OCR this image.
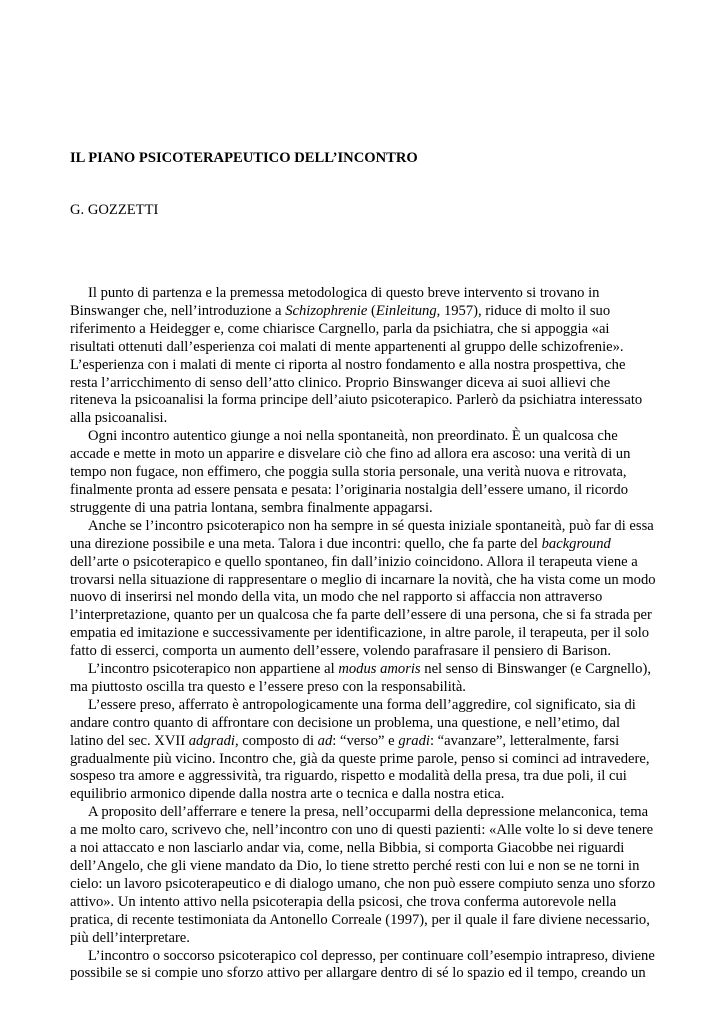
IL PIANO PSICOTERAPEUTICO DELL’INCONTRO

G. GOZZETTI

Il punto di partenza e la premessa metodologica di questo breve intervento si trovano in
Binswanger che, nell’introduzione a Schizophrenie (Einleitung, 1957), riduce di molto il suo
riferimento a Heidegger e, come chiarisce Cargnello, parla da psichiatra, che si appoggia «ai
risultati ottenuti dall’esperienza coi malati di mente appartenenti al gruppo delle schizofrenie».
L’esperienza con i malati di mente ci riporta al nostro fondamento e alla nostra prospettiva, che
resta l’arricchimento di senso dell’atto clinico. Proprio Binswanger diceva ai suoi allievi che
riteneva la psicoanalisi la forma principe dell’aiuto psicoterapico. Parlerò da psichiatra interessato
alla psicoanalisi.
Ogni incontro autentico giunge a noi nella spontaneità, non preordinato. È un qualcosa che
accade e mette in moto un apparire e disvelare ciò che fino ad allora era ascoso: una verità di un
tempo non fugace, non effimero, che poggia sulla storia personale, una verità nuova e ritrovata,
finalmente pronta ad essere pensata e pesata: l’originaria nostalgia dell’essere umano, il ricordo
struggente di una patria lontana, sembra finalmente appagarsi.
Anche se l’incontro psicoterapico non ha sempre in sé questa iniziale spontaneità, può far di essa
una direzione possibile e una meta. Talora i due incontri: quello, che fa parte del background
dell’arte o psicoterapico e quello spontaneo, fin dall’inizio coincidono. Allora il terapeuta viene a
trovarsi nella situazione di rappresentare o meglio di incarnare la novità, che ha vista come un modo
nuovo di inserirsi nel mondo della vita, un modo che nel rapporto si affaccia non attraverso
l’interpretazione, quanto per un qualcosa che fa parte dell’essere di una persona, che si fa strada per
empatia ed imitazione e successivamente per identificazione, in altre parole, il terapeuta, per il solo
fatto di esserci, comporta un aumento dell’essere, volendo parafrasare il pensiero di Barison.
L’incontro psicoterapico non appartiene al modus amoris nel senso di Binswanger (e Cargnello),
ma piuttosto oscilla tra questo e l’essere preso con la responsabilità.
L’essere preso, afferrato è antropologicamente una forma dell’aggredire, col significato, sia di
andare contro quanto di affrontare con decisione un problema, una questione, e nell’etimo, dal
latino del sec. XVII adgradi, composto di ad: “verso” e gradi: “avanzare”, letteralmente, farsi
gradualmente più vicino. Incontro che, già da queste prime parole, penso si cominci ad intravedere,
sospeso tra amore e aggressività, tra riguardo, rispetto e modalità della presa, tra due poli, il cui
equilibrio armonico dipende dalla nostra arte o tecnica e dalla nostra etica.
A proposito dell’afferrare e tenere la presa, nell’occuparmi della depressione melanconica, tema
a me molto caro, scrivevo che, nell’incontro con uno di questi pazienti: «Alle volte lo si deve tenere
a noi attaccato e non lasciarlo andar via, come, nella Bibbia, si comporta Giacobbe nei riguardi
dell’Angelo, che gli viene mandato da Dio, lo tiene stretto perché resti con lui e non se ne torni in
cielo: un lavoro psicoterapeutico e di dialogo umano, che non può essere compiuto senza uno sforzo
attivo». Un intento attivo nella psicoterapia della psicosi, che trova conferma autorevole nella
pratica, di recente testimoniata da Antonello Correale (1997), per il quale il fare diviene necessario,
più dell’interpretare.
L’incontro o soccorso psicoterapico col depresso, per continuare coll’esempio intrapreso, diviene
possibile se si compie uno sforzo attivo per allargare dentro di sé lo spazio ed il tempo, creando un
